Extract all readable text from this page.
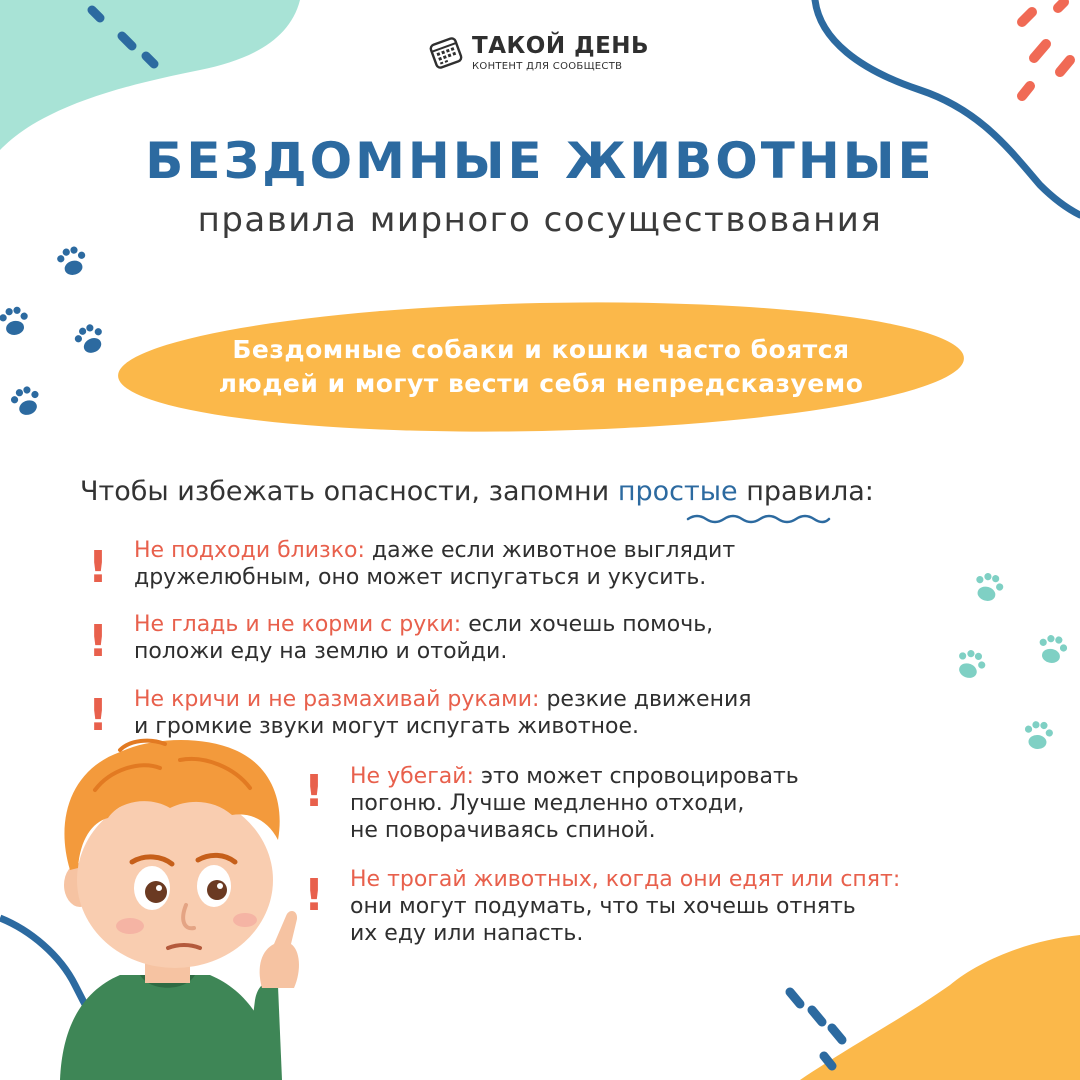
ТАКОЙ ДЕНЬ
КОНТЕНТ ДЛЯ СООБЩЕСТВ
БЕЗДОМНЫЕ ЖИВОТНЫЕ
правила мирного сосуществования
Бездомные собаки и кошки часто боятся
людей и могут вести себя непредсказуемо
Чтобы избежать опасности, запомни простые правила:
! Не подходи близко: даже если животное выглядит
дружелюбным, оно может испугаться и укусить.
! Не гладь и не корми с руки: если хочешь помочь,
положи еду на землю и отойди.
! Не кричи и не размахивай руками: резкие движения
и громкие звуки могут испугать животное.
! Не убегай: это может спровоцировать
погоню. Лучше медленно отходи,
не поворачиваясь спиной.
! Не трогай животных, когда они едят или спят:
они могут подумать, что ты хочешь отнять
их еду или напасть.
